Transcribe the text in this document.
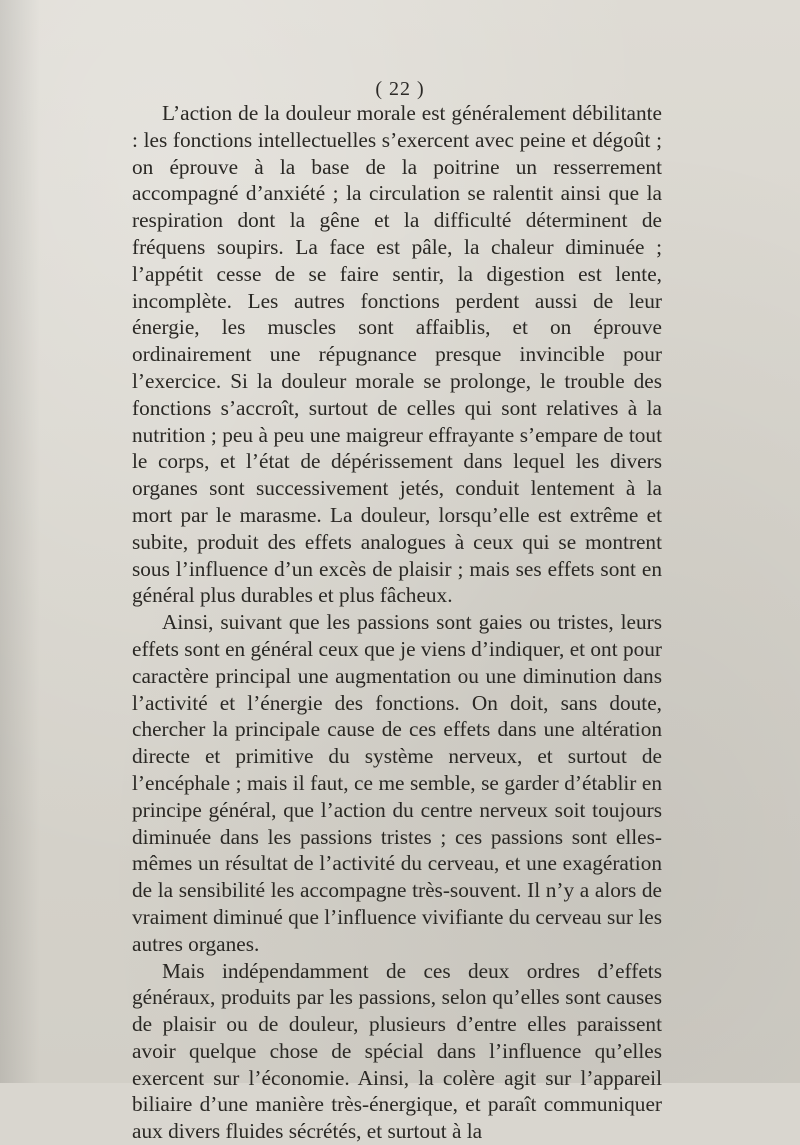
( 22 )

L’action de la douleur morale est généralement débilitante : les fonctions intellectuelles s’exercent avec peine et dégoût ; on éprouve à la base de la poitrine un resserrement accompagné d’anxiété ; la circulation se ralentit ainsi que la respiration dont la gêne et la difficulté déterminent de fréquens soupirs. La face est pâle, la chaleur diminuée ; l’appétit cesse de se faire sentir, la digestion est lente, incomplète. Les autres fonctions perdent aussi de leur énergie, les muscles sont affaiblis, et on éprouve ordinairement une répugnance presque invincible pour l’exercice. Si la douleur morale se prolonge, le trouble des fonctions s’accroît, surtout de celles qui sont relatives à la nutrition ; peu à peu une maigreur effrayante s’empare de tout le corps, et l’état de dépérissement dans lequel les divers organes sont successivement jetés, conduit lentement à la mort par le marasme. La douleur, lorsqu’elle est extrême et subite, produit des effets analogues à ceux qui se montrent sous l’influence d’un excès de plaisir ; mais ses effets sont en général plus durables et plus fâcheux.

Ainsi, suivant que les passions sont gaies ou tristes, leurs effets sont en général ceux que je viens d’indiquer, et ont pour caractère principal une augmentation ou une diminution dans l’activité et l’énergie des fonctions. On doit, sans doute, chercher la principale cause de ces effets dans une altération directe et primitive du système nerveux, et surtout de l’encéphale ; mais il faut, ce me semble, se garder d’établir en principe général, que l’action du centre nerveux soit toujours diminuée dans les passions tristes ; ces passions sont elles-mêmes un résultat de l’activité du cerveau, et une exagération de la sensibilité les accompagne très-souvent. Il n’y a alors de vraiment diminué que l’influence vivifiante du cerveau sur les autres organes.

Mais indépendamment de ces deux ordres d’effets généraux, produits par les passions, selon qu’elles sont causes de plaisir ou de douleur, plusieurs d’entre elles paraissent avoir quelque chose de spécial dans l’influence qu’elles exercent sur l’économie. Ainsi, la colère agit sur l’appareil biliaire d’une manière très-énergique, et paraît communiquer aux divers fluides sécrétés, et surtout à la
